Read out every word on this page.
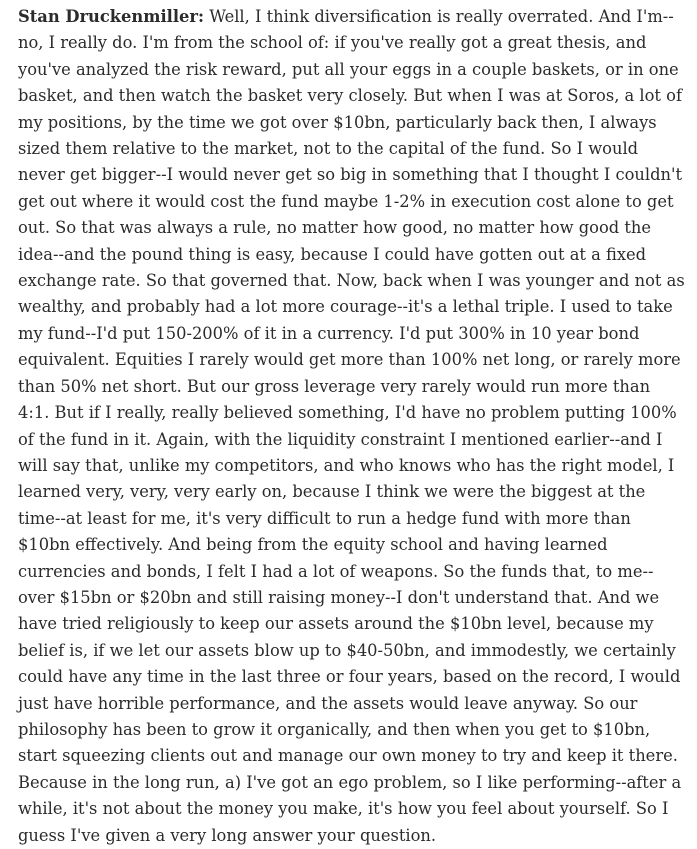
Stan Druckenmiller: Well, I think diversification is really overrated. And I'm--no, I really do. I'm from the school of: if you've really got a great thesis, and you've analyzed the risk reward, put all your eggs in a couple baskets, or in one basket, and then watch the basket very closely. But when I was at Soros, a lot of my positions, by the time we got over $10bn, particularly back then, I always sized them relative to the market, not to the capital of the fund. So I would never get bigger--I would never get so big in something that I thought I couldn't get out where it would cost the fund maybe 1-2% in execution cost alone to get out. So that was always a rule, no matter how good, no matter how good the idea--and the pound thing is easy, because I could have gotten out at a fixed exchange rate. So that governed that. Now, back when I was younger and not as wealthy, and probably had a lot more courage--it's a lethal triple. I used to take my fund--I'd put 150-200% of it in a currency. I'd put 300% in 10 year bond equivalent. Equities I rarely would get more than 100% net long, or rarely more than 50% net short. But our gross leverage very rarely would run more than 4:1. But if I really, really believed something, I'd have no problem putting 100% of the fund in it. Again, with the liquidity constraint I mentioned earlier--and I will say that, unlike my competitors, and who knows who has the right model, I learned very, very, very early on, because I think we were the biggest at the time--at least for me, it's very difficult to run a hedge fund with more than $10bn effectively. And being from the equity school and having learned currencies and bonds, I felt I had a lot of weapons. So the funds that, to me--over $15bn or $20bn and still raising money--I don't understand that. And we have tried religiously to keep our assets around the $10bn level, because my belief is, if we let our assets blow up to $40-50bn, and immodestly, we certainly could have any time in the last three or four years, based on the record, I would just have horrible performance, and the assets would leave anyway. So our philosophy has been to grow it organically, and then when you get to $10bn, start squeezing clients out and manage our own money to try and keep it there. Because in the long run, a) I've got an ego problem, so I like performing--after a while, it's not about the money you make, it's how you feel about yourself. So I guess I've given a very long answer your question.
